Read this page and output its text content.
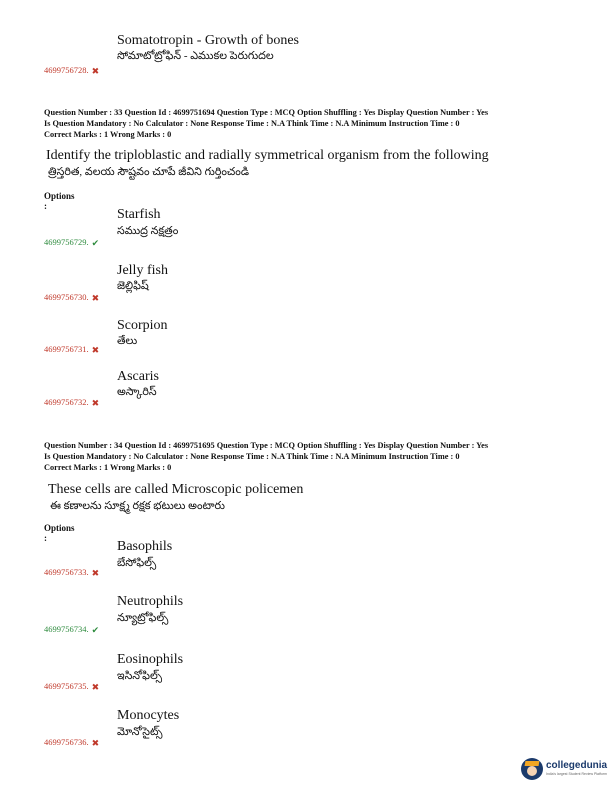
Somatotropin - Growth of bones
సోమాటోట్రోఫిన్ - ఎముకల పెరుగుదల
4699756728. ✖
Question Number : 33 Question Id : 4699751694 Question Type : MCQ Option Shuffling : Yes Display Question Number : Yes
Is Question Mandatory : No Calculator : None Response Time : N.A Think Time : N.A Minimum Instruction Time : 0
Correct Marks : 1 Wrong Marks : 0
Identify the triploblastic and radially symmetrical organism from the following
త్రిస్తరిత, వలయ సౌష్టవం చూపే జీవిని గుర్తించండి
Options :
Starfish
సముద్ర నక్షత్రం
4699756729. ✔
Jelly fish
జెల్లిఫిష్
4699756730. ✖
Scorpion
తేలు
4699756731. ✖
Ascaris
అస్కారిస్
4699756732. ✖
Question Number : 34 Question Id : 4699751695 Question Type : MCQ Option Shuffling : Yes Display Question Number : Yes
Is Question Mandatory : No Calculator : None Response Time : N.A Think Time : N.A Minimum Instruction Time : 0
Correct Marks : 1 Wrong Marks : 0
These cells are called Microscopic policemen
ఈ కణాలను సూక్ష్మ రక్షక భటులు అంటారు
Options :
Basophils
బేసోఫిల్స్
4699756733. ✖
Neutrophils
న్యూట్రోఫిల్స్
4699756734. ✔
Eosinophils
ఇసినోఫిల్స్
4699756735. ✖
Monocytes
మోనోసైట్స్
4699756736. ✖
collegedunia
India's largest Student Review Platform
